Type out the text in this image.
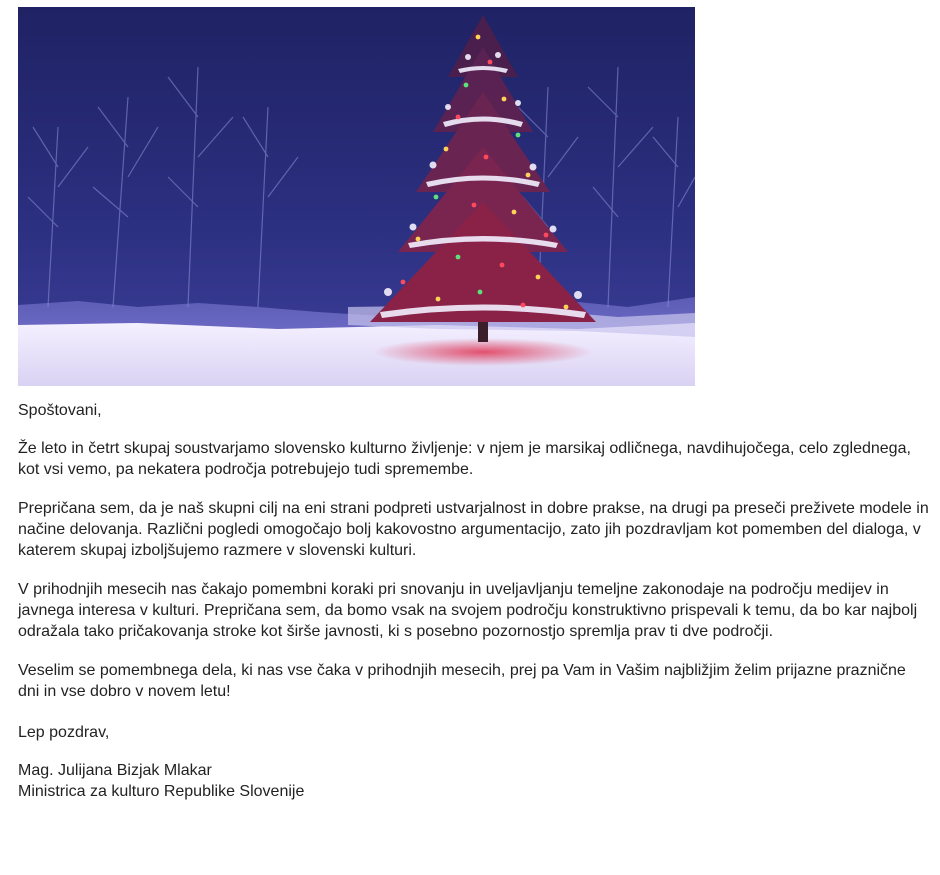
Spoštovani,

Že leto in četrt skupaj soustvarjamo slovensko kulturno življenje: v njem je marsikaj odličnega, navdihujočega, celo zglednega, kot vsi vemo, pa nekatera področja potrebujejo tudi spremembe.

Prepričana sem, da je naš skupni cilj na eni strani podpreti ustvarjalnost in dobre prakse, na drugi pa preseči preživete modele in načine delovanja. Različni pogledi omogočajo bolj kakovostno argumentacijo, zato jih pozdravljam kot pomemben del dialoga, v katerem skupaj izboljšujemo razmere v slovenski kulturi.

V prihodnjih mesecih nas čakajo pomembni koraki pri snovanju in uveljavljanju temeljne zakonodaje na področju medijev in javnega interesa v kulturi. Prepričana sem, da bomo vsak na svojem področju konstruktivno prispevali k temu, da bo kar najbolj odražala tako pričakovanja stroke kot širše javnosti, ki s posebno pozornostjo spremlja prav ti dve področji.

Veselim se pomembnega dela, ki nas vse čaka v prihodnjih mesecih, prej pa Vam in Vašim najbližjim želim prijazne praznične dni in vse dobro v novem letu!

Lep pozdrav,

Mag. Julijana Bizjak Mlakar

Ministrica za kulturo Republike Slovenije
